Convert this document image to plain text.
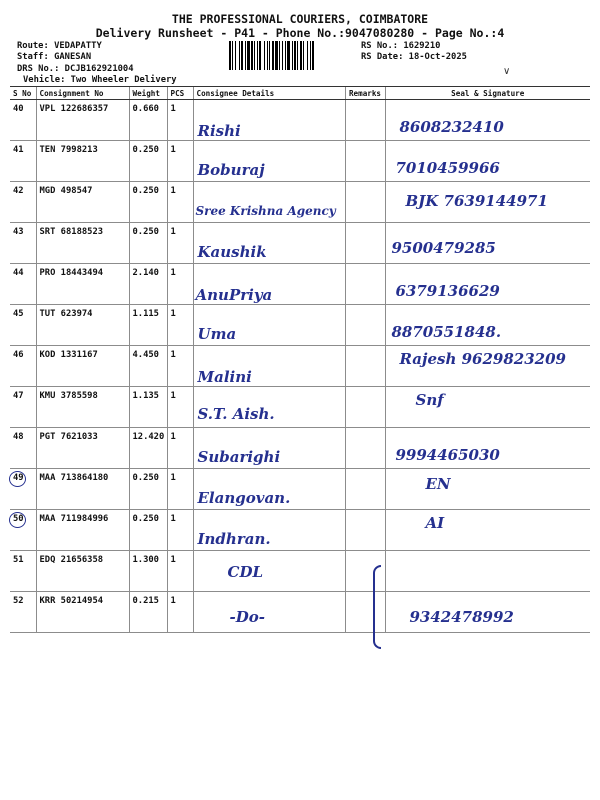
THE PROFESSIONAL COURIERS, COIMBATORE
Delivery Runsheet - P41 - Phone No.:9047080280 - Page No.:4
Route: VEDAPATTY
Staff: GANESAN
DRS No.: DCJB162921004
Vehicle: Two Wheeler Delivery
RS No.: 1629210
RS Date: 18-Oct-2025
∨
S No	Consignment No	Weight	PCS	Consignee Details	Remarks	Seal & Signature
40	VPL 122686357	0.660	1	Rishi		8608232410

41	TEN 7998213	0.250	1	Boburaj		7010459966

42	MGD 498547	0.250	1	Sree Krishna Agency		BJK 7639144971

43	SRT 68188523	0.250	1	Kaushik		9500479285

44	PRO 18443494	2.140	1	AnuPriya		6379136629

45	TUT 623974	1.115	1	Uma		8870551848.

46	KOD 1331167	4.450	1	Malini		Rajesh 9629823209

47	KMU 3785598	1.135	1	S.T. Aish.		Snf

48	PGT 7621033	12.420	1	Subarighi		9994465030

49	MAA 713864180	0.250	1	Elangovan.		EN

50	MAA 711984996	0.250	1	Indhran.		AI

51	EDQ 21656358	1.300	1	CDL		

52	KRR 50214954	0.215	1	-Do-		9342478992
